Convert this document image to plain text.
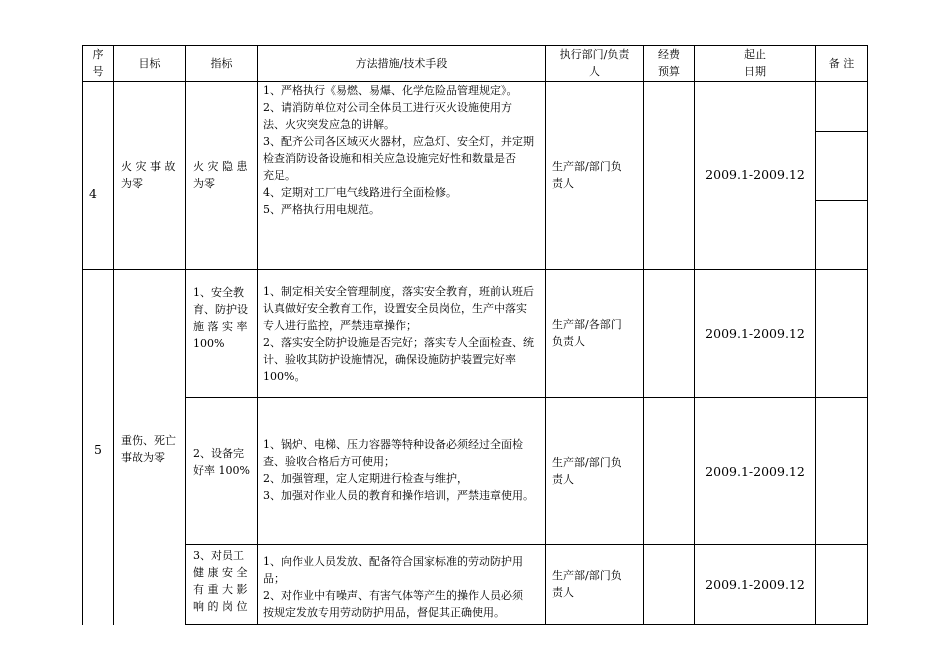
序
号
目标	指标	方法措施/技术手段
执行部门/负责
人
经费
预算
起止
日期
备 注
4
火 灾 事 故
为零
火 灾 隐 患
为零
1、严格执行《易燃、易爆、化学危险品管理规定》。
2、请消防单位对公司全体员工进行灭火设施使用方
法、火灾突发应急的讲解。
3、配齐公司各区域灭火器材，应急灯、安全灯，并定期
检查消防设备设施和相关应急设施完好性和数量是否
充足。
4、定期对工厂电气线路进行全面检修。
5、严格执行用电规范。
生产部/部门负
责人
2009.1-2009.12
5
重伤、死亡
事故为零
1、安全教
育、防护设
施 落 实 率
100%
1、制定相关安全管理制度，落实安全教育，班前认班后
认真做好安全教育工作，设置安全员岗位，生产中落实
专人进行监控，严禁违章操作；
2、落实安全防护设施是否完好；落实专人全面检查、统
计、验收其防护设施情况，确保设施防护装置完好率
100%。
生产部/各部门
负责人
2009.1-2009.12
2、设备完
好率 100%
1、锅炉、电梯、压力容器等特种设备必须经过全面检
查、验收合格后方可使用；
2、加强管理，定人定期进行检查与维护，
3、加强对作业人员的教育和操作培训，严禁违章使用。
生产部/部门负
责人
2009.1-2009.12
3、对员工
健 康 安 全
有 重 大 影
响 的 岗 位
1、向作业人员发放、配备符合国家标准的劳动防护用
品；
2、对作业中有噪声、有害气体等产生的操作人员必须
按规定发放专用劳动防护用品，督促其正确使用。
生产部/部门负
责人
2009.1-2009.12
